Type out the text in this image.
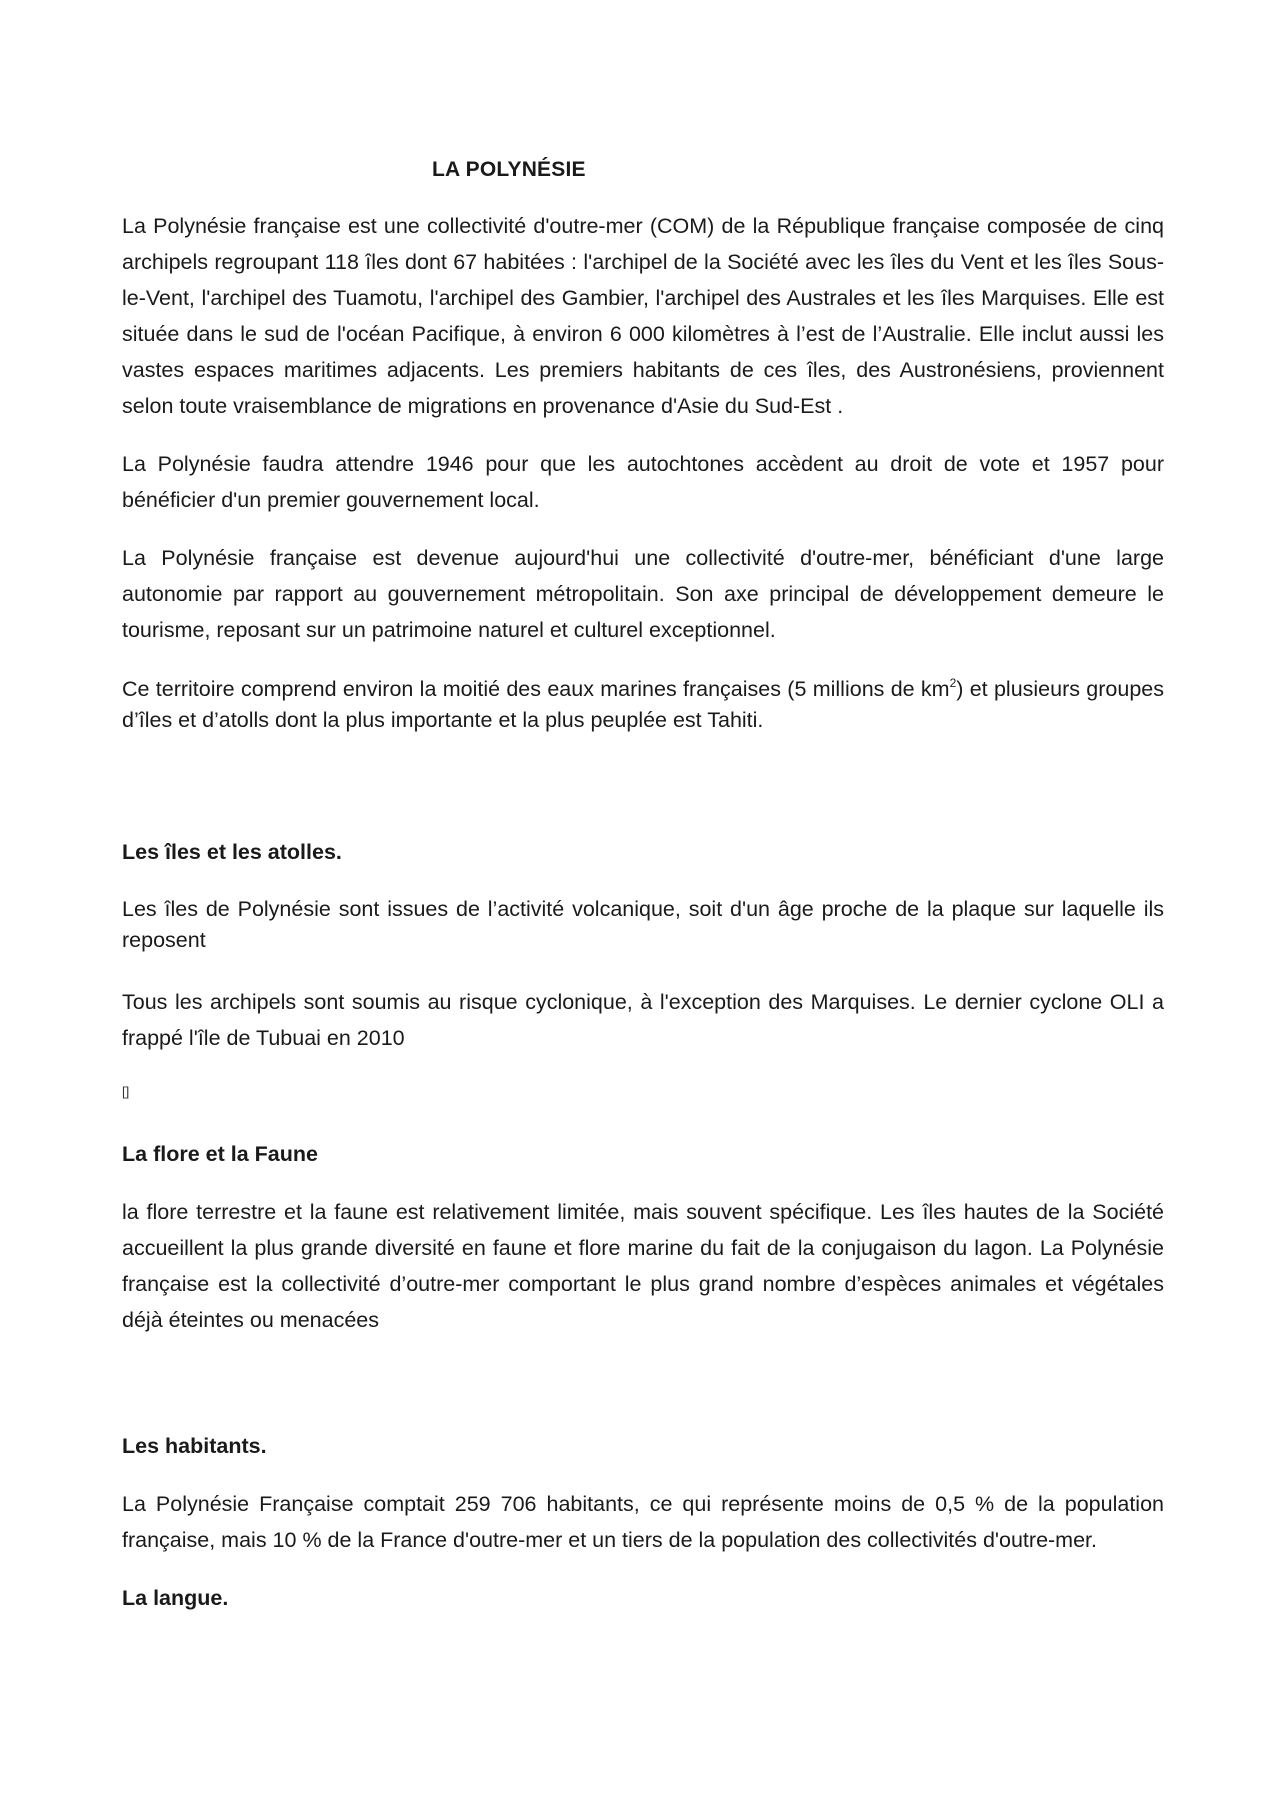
LA POLYNÉSIE

La Polynésie française est une collectivité d'outre-mer (COM) de la République française composée de cinq archipels regroupant 118 îles dont 67 habitées : l'archipel de la Société avec les îles du Vent et les îles Sous-le-Vent, l'archipel des Tuamotu, l'archipel des Gambier, l'archipel des Australes et les îles Marquises. Elle est située dans le sud de l'océan Pacifique, à environ 6 000 kilomètres à l’est de l’Australie. Elle inclut aussi les vastes espaces maritimes adjacents. Les premiers habitants de ces îles, des Austronésiens, proviennent selon toute vraisemblance de migrations en provenance d'Asie du Sud-Est .

La Polynésie faudra attendre 1946 pour que les autochtones accèdent au droit de vote et 1957 pour bénéficier d'un premier gouvernement local.

La Polynésie française est devenue aujourd'hui une collectivité d'outre-mer, bénéficiant d'une large autonomie par rapport au gouvernement métropolitain. Son axe principal de développement demeure le tourisme, reposant sur un patrimoine naturel et culturel exceptionnel.

Ce territoire comprend environ la moitié des eaux marines françaises (5 millions de $km^2$) et plusieurs groupes d’îles et d’atolls dont la plus importante et la plus peuplée est Tahiti.

Les îles et les atolles.

Les îles de Polynésie sont issues de l’activité volcanique, soit d'un âge proche de la plaque sur laquelle ils reposent

Tous les archipels sont soumis au risque cyclonique, à l'exception des Marquises. Le dernier cyclone OLI a frappé l'île de Tubuai en 2010

[]
La flore et la Faune

la flore terrestre et la faune est relativement limitée, mais souvent spécifique. Les îles hautes de la Société accueillent la plus grande diversité en faune et flore marine du fait de la conjugaison du lagon. La Polynésie française est la collectivité d’outre-mer comportant le plus grand nombre d’espèces animales et végétales déjà éteintes ou menacées

Les habitants.

La Polynésie Française comptait 259 706 habitants, ce qui représente moins de 0,5 % de la population française, mais 10 % de la France d'outre-mer et un tiers de la population des collectivités d'outre-mer.

La langue.
